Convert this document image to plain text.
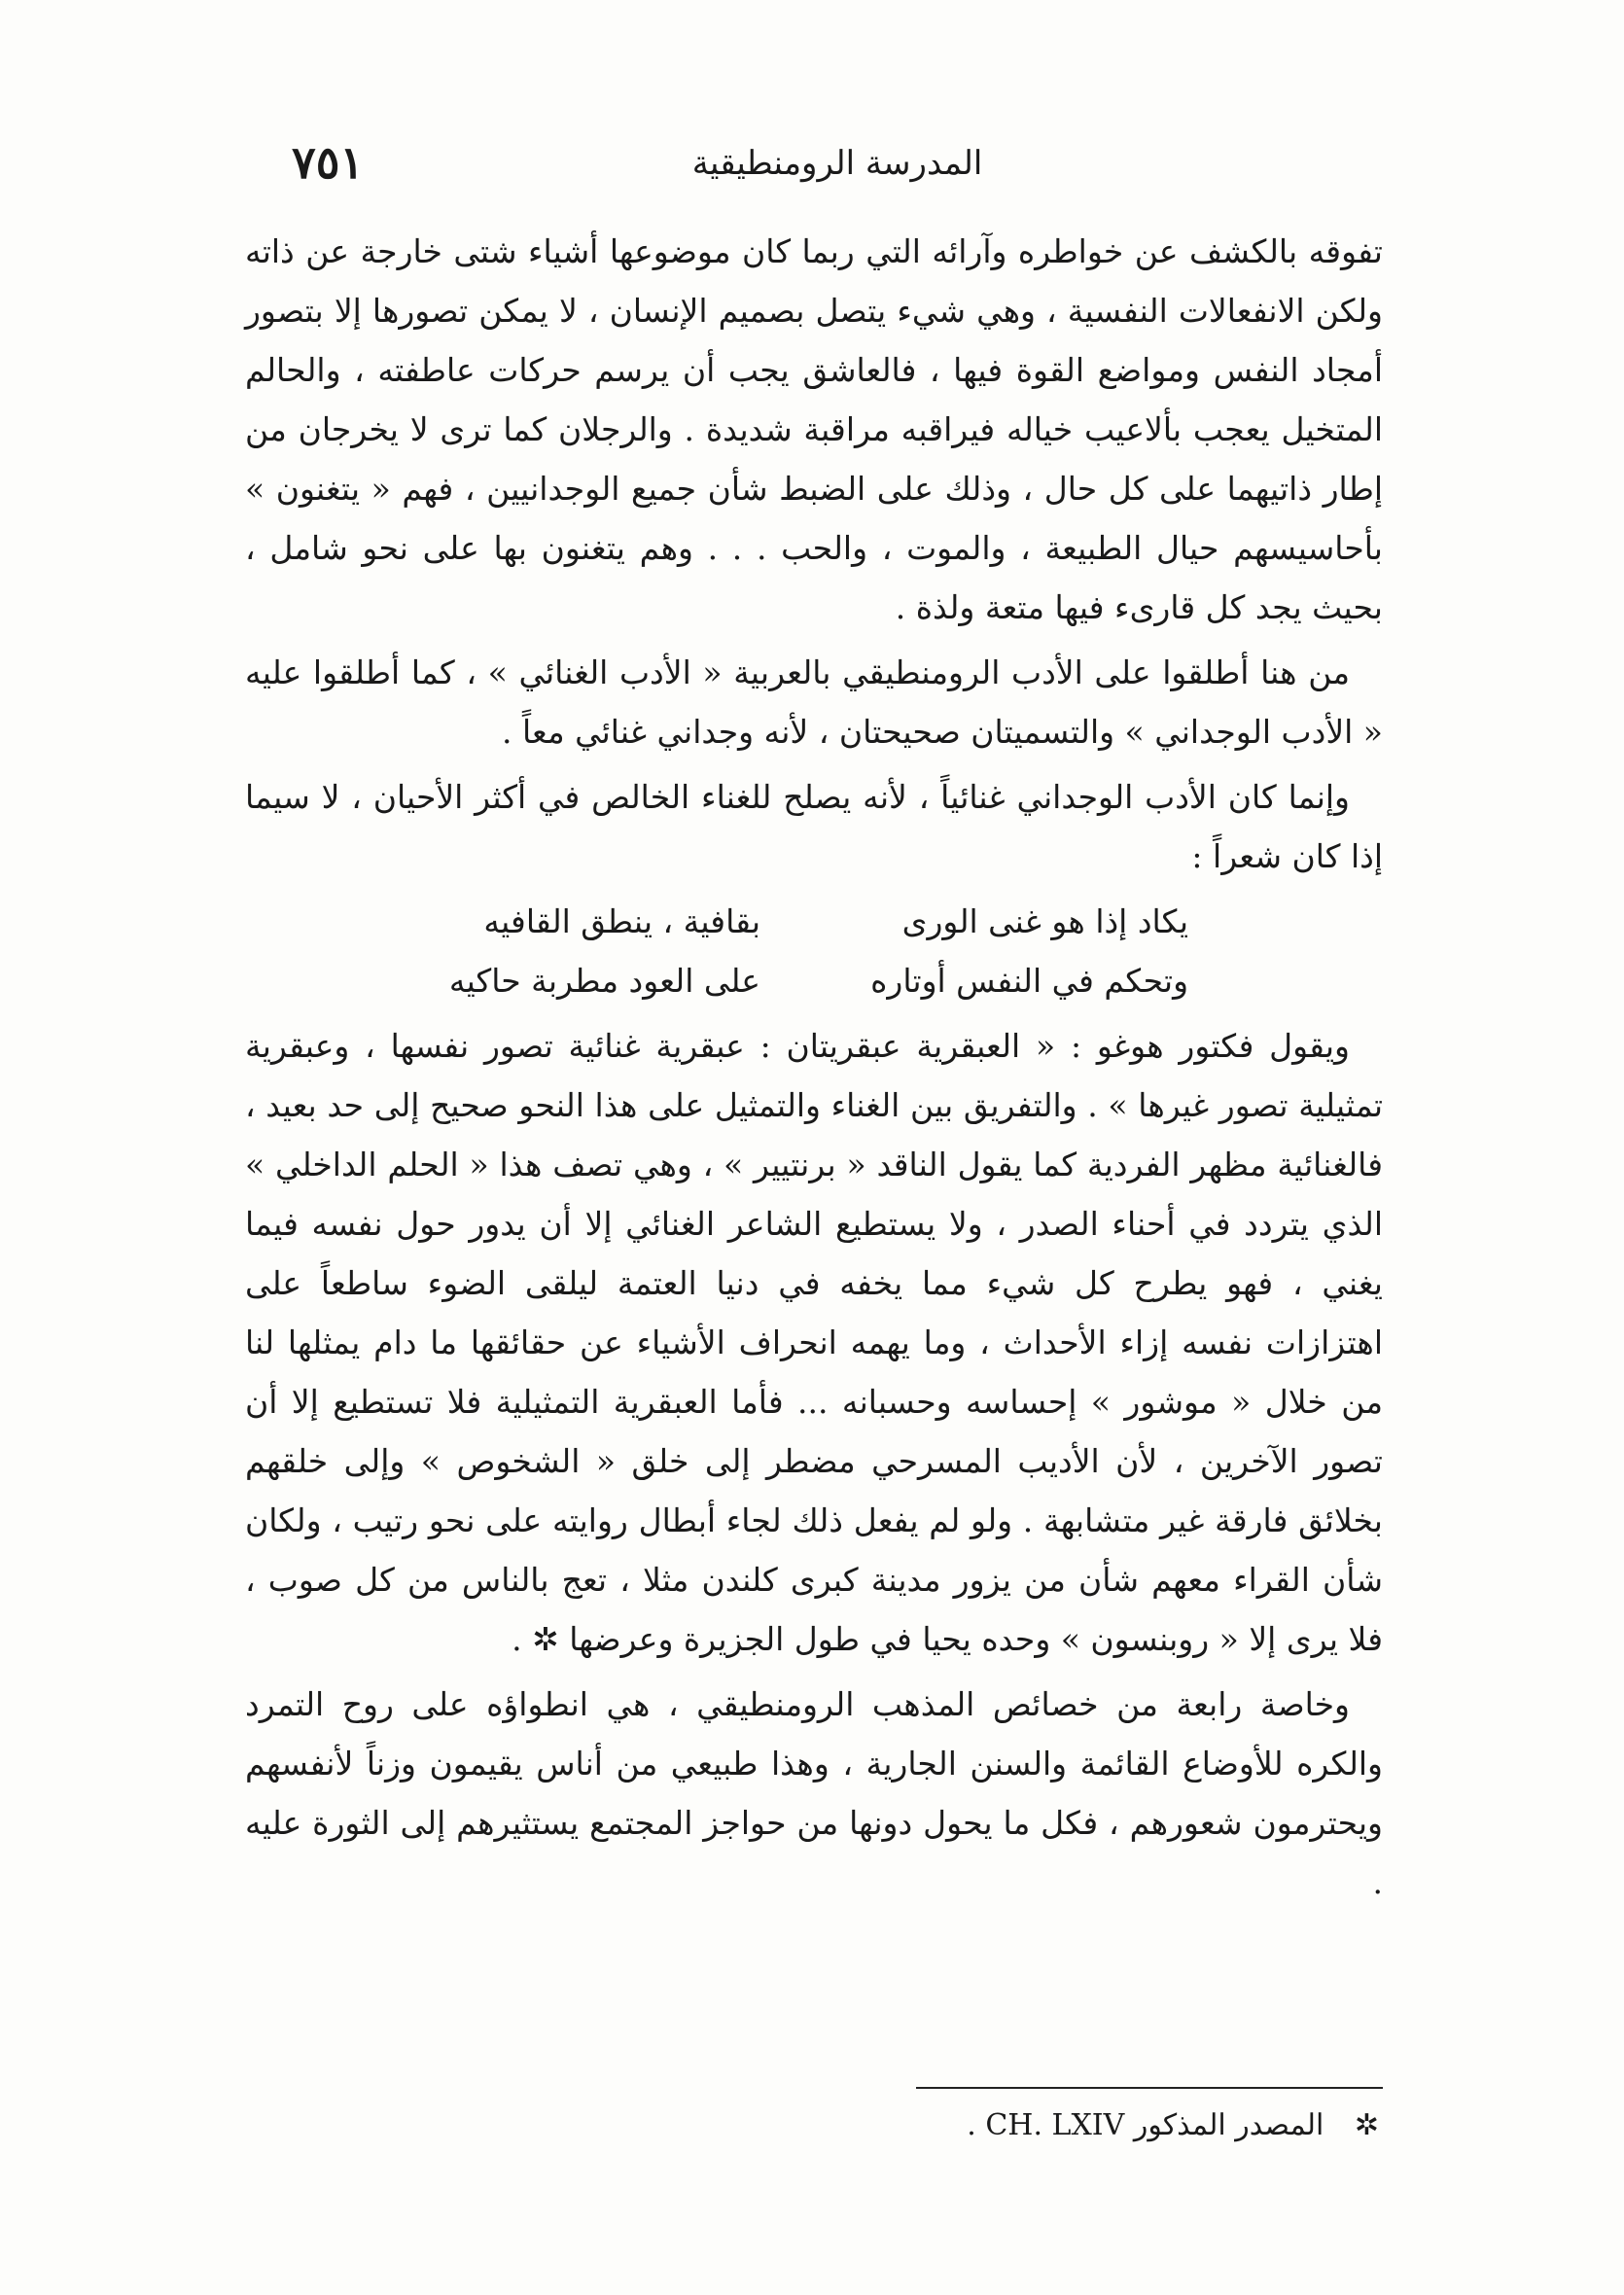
المدرسة الرومنطيقية
٧٥١

تفوقه بالكشف عن خواطره وآرائه التي ربما كان موضوعها أشياء شتى خارجة عن ذاته ولكن الانفعالات النفسية ، وهي شيء يتصل بصميم الإنسان ، لا يمكن تصورها إلا بتصور أمجاد النفس ومواضع القوة فيها ، فالعاشق يجب أن يرسم حركات عاطفته ، والحالم المتخيل يعجب بألاعيب خياله فيراقبه مراقبة شديدة . والرجلان كما ترى لا يخرجان من إطار ذاتيهما على كل حال ، وذلك على الضبط شأن جميع الوجدانيين ، فهم « يتغنون » بأحاسيسهم حيال الطبيعة ، والموت ، والحب . . . وهم يتغنون بها على نحو شامل ، بحيث يجد كل قارىء فيها متعة ولذة .

من هنا أطلقوا على الأدب الرومنطيقي بالعربية « الأدب الغنائي » ، كما أطلقوا عليه « الأدب الوجداني » والتسميتان صحيحتان ، لأنه وجداني غنائي معاً .

وإنما كان الأدب الوجداني غنائياً ، لأنه يصلح للغناء الخالص في أكثر الأحيان ، لا سيما إذا كان شعراً :

يكاد إذا هو غنى الورى
بقافية ، ينطق القافيه
وتحكم في النفس أوتاره
على العود مطربة حاكيه

ويقول فكتور هوغو : « العبقرية عبقريتان : عبقرية غنائية تصور نفسها ، وعبقرية تمثيلية تصور غيرها » . والتفريق بين الغناء والتمثيل على هذا النحو صحيح إلى حد بعيد ، فالغنائية مظهر الفردية كما يقول الناقد « برنتيير » ، وهي تصف هذا « الحلم الداخلي » الذي يتردد في أحناء الصدر ، ولا يستطيع الشاعر الغنائي إلا أن يدور حول نفسه فيما يغني ، فهو يطرح كل شيء مما يخفه في دنيا العتمة ليلقى الضوء ساطعاً على اهتزازات نفسه إزاء الأحداث ، وما يهمه انحراف الأشياء عن حقائقها ما دام يمثلها لنا من خلال « موشور » إحساسه وحسبانه ... فأما العبقرية التمثيلية فلا تستطيع إلا أن تصور الآخرين ، لأن الأديب المسرحي مضطر إلى خلق « الشخوص » وإلى خلقهم بخلائق فارقة غير متشابهة . ولو لم يفعل ذلك لجاء أبطال روايته على نحو رتيب ، ولكان شأن القراء معهم شأن من يزور مدينة كبرى كلندن مثلا ، تعج بالناس من كل صوب ، فلا يرى إلا « روبنسون » وحده يحيا في طول الجزيرة وعرضها ✲ .

وخاصة رابعة من خصائص المذهب الرومنطيقي ، هي انطواؤه على روح التمرد والكره للأوضاع القائمة والسنن الجارية ، وهذا طبيعي من أناس يقيمون وزناً لأنفسهم ويحترمون شعورهم ، فكل ما يحول دونها من حواجز المجتمع يستثيرهم إلى الثورة عليه .

✲ المصدر المذكور CH. LXIV .
